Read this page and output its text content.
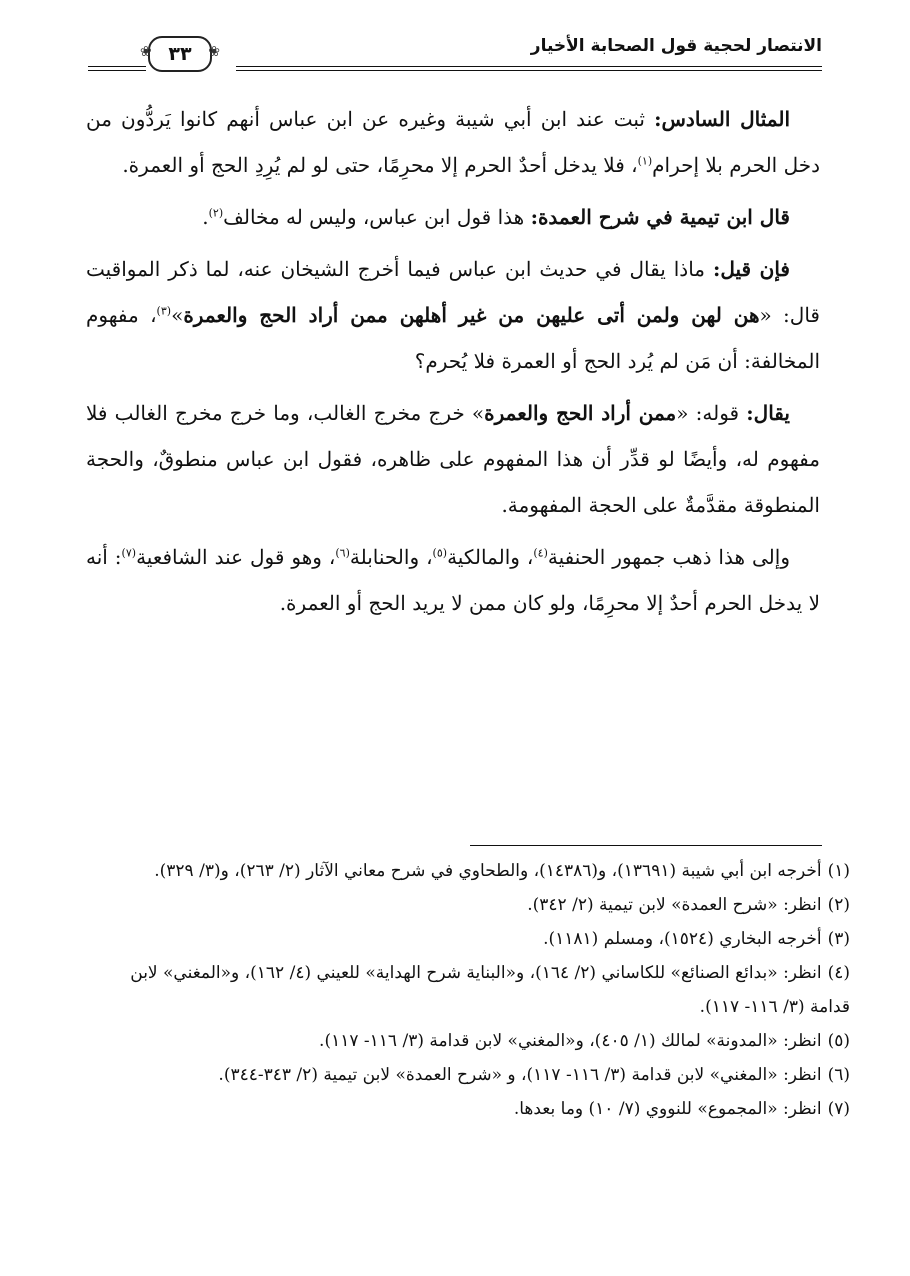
الانتصار لحجية قول الصحابة الأخيار
❀ ٣٣
❀

المثال السادس: ثبت عند ابن أبي شيبة وغيره عن ابن عباس أنهم كانوا يَردُّون من دخل الحرم بلا إحرام$^{(١)}$، فلا يدخل أحدٌ الحرم إلا محرِمًا، حتى لو لم يُرِدِ الحج أو العمرة.

قال ابن تيمية في شرح العمدة: هذا قول ابن عباس، وليس له مخالف$^{(٢)}$.

فإن قيل: ماذا يقال في حديث ابن عباس فيما أخرج الشيخان عنه، لما ذكر المواقيت قال: «هن لهن ولمن أتى عليهن من غير أهلهن ممن أراد الحج والعمرة»$^{(٣)}$، مفهوم المخالفة: أن مَن لم يُرد الحج أو العمرة فلا يُحرم؟

يقال: قوله: «ممن أراد الحج والعمرة» خرج مخرج الغالب، وما خرج مخرج الغالب فلا مفهوم له، وأيضًا لو قدِّر أن هذا المفهوم على ظاهره، فقول ابن عباس منطوقٌ، والحجة المنطوقة مقدَّمةٌ على الحجة المفهومة.

وإلى هذا ذهب جمهور الحنفية$^{(٤)}$، والمالكية$^{(٥)}$، والحنابلة$^{(٦)}$، وهو قول عند الشافعية$^{(٧)}$: أنه لا يدخل الحرم أحدٌ إلا محرِمًا، ولو كان ممن لا يريد الحج أو العمرة.

(١)أخرجه ابن أبي شيبة (١٣٦٩١)، و(١٤٣٨٦)، والطحاوي في شرح معاني الآثار (٢/ ٢٦٣)، و(٣/ ٣٢٩).

(٢)انظر: «شرح العمدة» لابن تيمية (٢/ ٣٤٢).

(٣)أخرجه البخاري (١٥٢٤)، ومسلم (١١٨١).

(٤)انظر: «بدائع الصنائع» للكاساني (٢/ ١٦٤)، و«البناية شرح الهداية» للعيني (٤/ ١٦٢)، و«المغني» لابن قدامة (٣/ ١١٦- ١١٧).

(٥)انظر: «المدونة» لمالك (١/ ٤٠٥)، و«المغني» لابن قدامة (٣/ ١١٦- ١١٧).

(٦)انظر: «المغني» لابن قدامة (٣/ ١١٦- ١١٧)، و «شرح العمدة» لابن تيمية (٢/ ٣٤٣-٣٤٤).

(٧)انظر: «المجموع» للنووي (٧/ ١٠) وما بعدها.
